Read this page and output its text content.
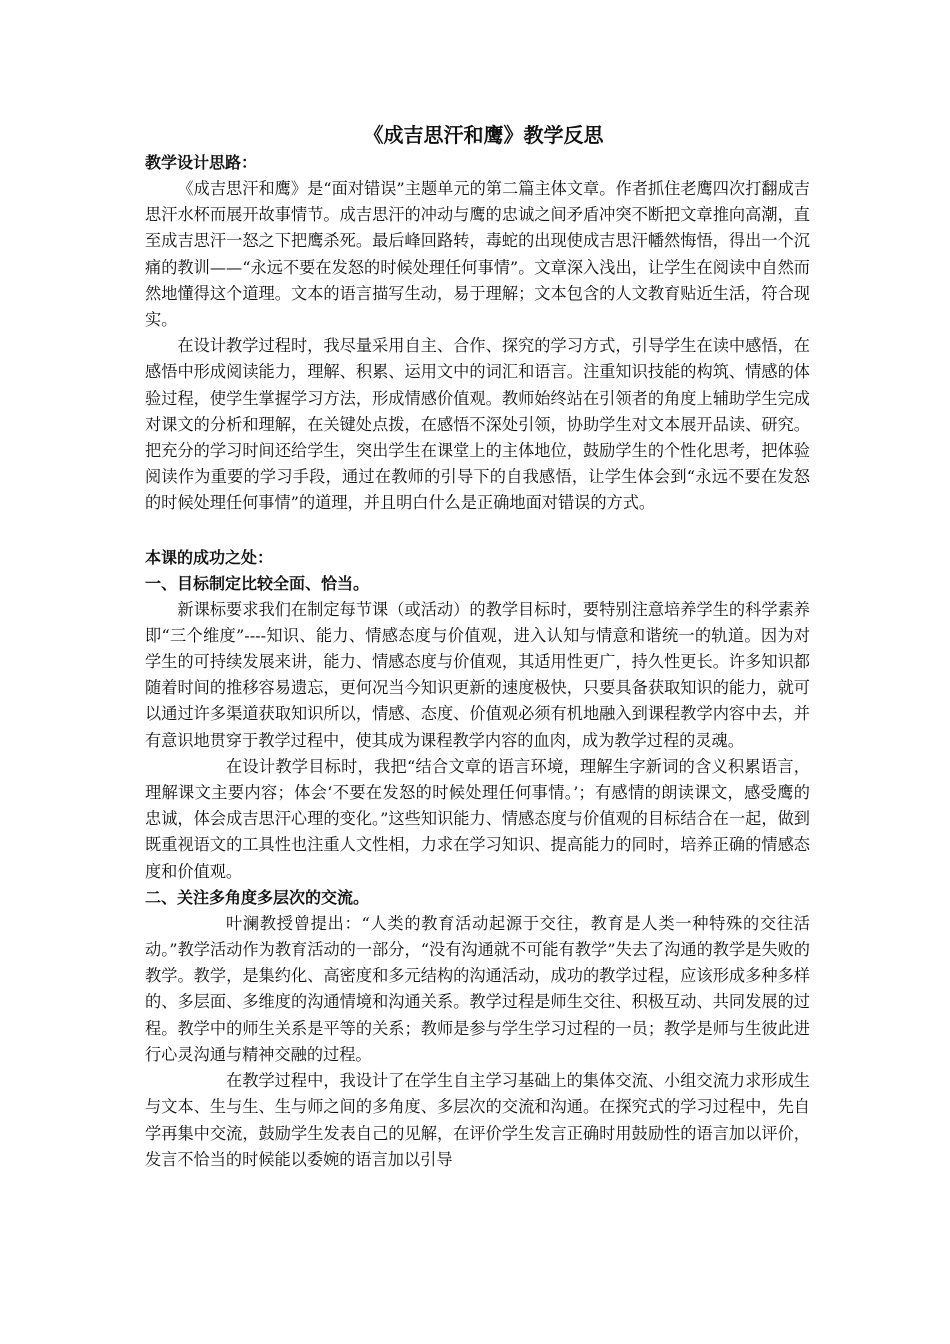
《成吉思汗和鹰》教学反思
教学设计思路：

《成吉思汗和鹰》是“面对错误”主题单元的第二篇主体文章。作者抓住老鹰四次打翻成吉思汗水杯而展开故事情节。成吉思汗的冲动与鹰的忠诚之间矛盾冲突不断把文章推向高潮，直至成吉思汗一怒之下把鹰杀死。最后峰回路转，毒蛇的出现使成吉思汗幡然悔悟，得出一个沉痛的教训——“永远不要在发怒的时候处理任何事情”。文章深入浅出，让学生在阅读中自然而然地懂得这个道理。文本的语言描写生动，易于理解；文本包含的人文教育贴近生活，符合现实。

在设计教学过程时，我尽量采用自主、合作、探究的学习方式，引导学生在读中感悟，在感悟中形成阅读能力，理解、积累、运用文中的词汇和语言。注重知识技能的构筑、情感的体验过程，使学生掌握学习方法，形成情感价值观。教师始终站在引领者的角度上辅助学生完成对课文的分析和理解，在关键处点拨，在感悟不深处引领，协助学生对文本展开品读、研究。把充分的学习时间还给学生，突出学生在课堂上的主体地位，鼓励学生的个性化思考，把体验阅读作为重要的学习手段，通过在教师的引导下的自我感悟，让学生体会到“永远不要在发怒的时候处理任何事情”的道理，并且明白什么是正确地面对错误的方式。

本课的成功之处：
一、目标制定比较全面、恰当。

新课标要求我们在制定每节课（或活动）的教学目标时，要特别注意培养学生的科学素养即“三个维度”----知识、能力、情感态度与价值观，进入认知与情意和谐统一的轨道。因为对学生的可持续发展来讲，能力、情感态度与价值观，其适用性更广，持久性更长。许多知识都随着时间的推移容易遗忘，更何况当今知识更新的速度极快，只要具备获取知识的能力，就可以通过许多渠道获取知识所以，情感、态度、价值观必须有机地融入到课程教学内容中去，并有意识地贯穿于教学过程中，使其成为课程教学内容的血肉，成为教学过程的灵魂。

在设计教学目标时，我把“结合文章的语言环境，理解生字新词的含义积累语言，理解课文主要内容；体会‘不要在发怒的时候处理任何事情。’；有感情的朗读课文，感受鹰的忠诚，体会成吉思汗心理的变化。”这些知识能力、情感态度与价值观的目标结合在一起，做到既重视语文的工具性也注重人文性相，力求在学习知识、提高能力的同时，培养正确的情感态度和价值观。

二、关注多角度多层次的交流。

叶澜教授曾提出：“人类的教育活动起源于交往，教育是人类一种特殊的交往活动。”教学活动作为教育活动的一部分，“没有沟通就不可能有教学”失去了沟通的教学是失败的教学。教学，是集约化、高密度和多元结构的沟通活动，成功的教学过程，应该形成多种多样的、多层面、多维度的沟通情境和沟通关系。教学过程是师生交往、积极互动、共同发展的过程。教学中的师生关系是平等的关系；教师是参与学生学习过程的一员；教学是师与生彼此进行心灵沟通与精神交融的过程。

在教学过程中，我设计了在学生自主学习基础上的集体交流、小组交流力求形成生与文本、生与生、生与师之间的多角度、多层次的交流和沟通。在探究式的学习过程中，先自学再集中交流，鼓励学生发表自己的见解，在评价学生发言正确时用鼓励性的语言加以评价，发言不恰当的时候能以委婉的语言加以引导
